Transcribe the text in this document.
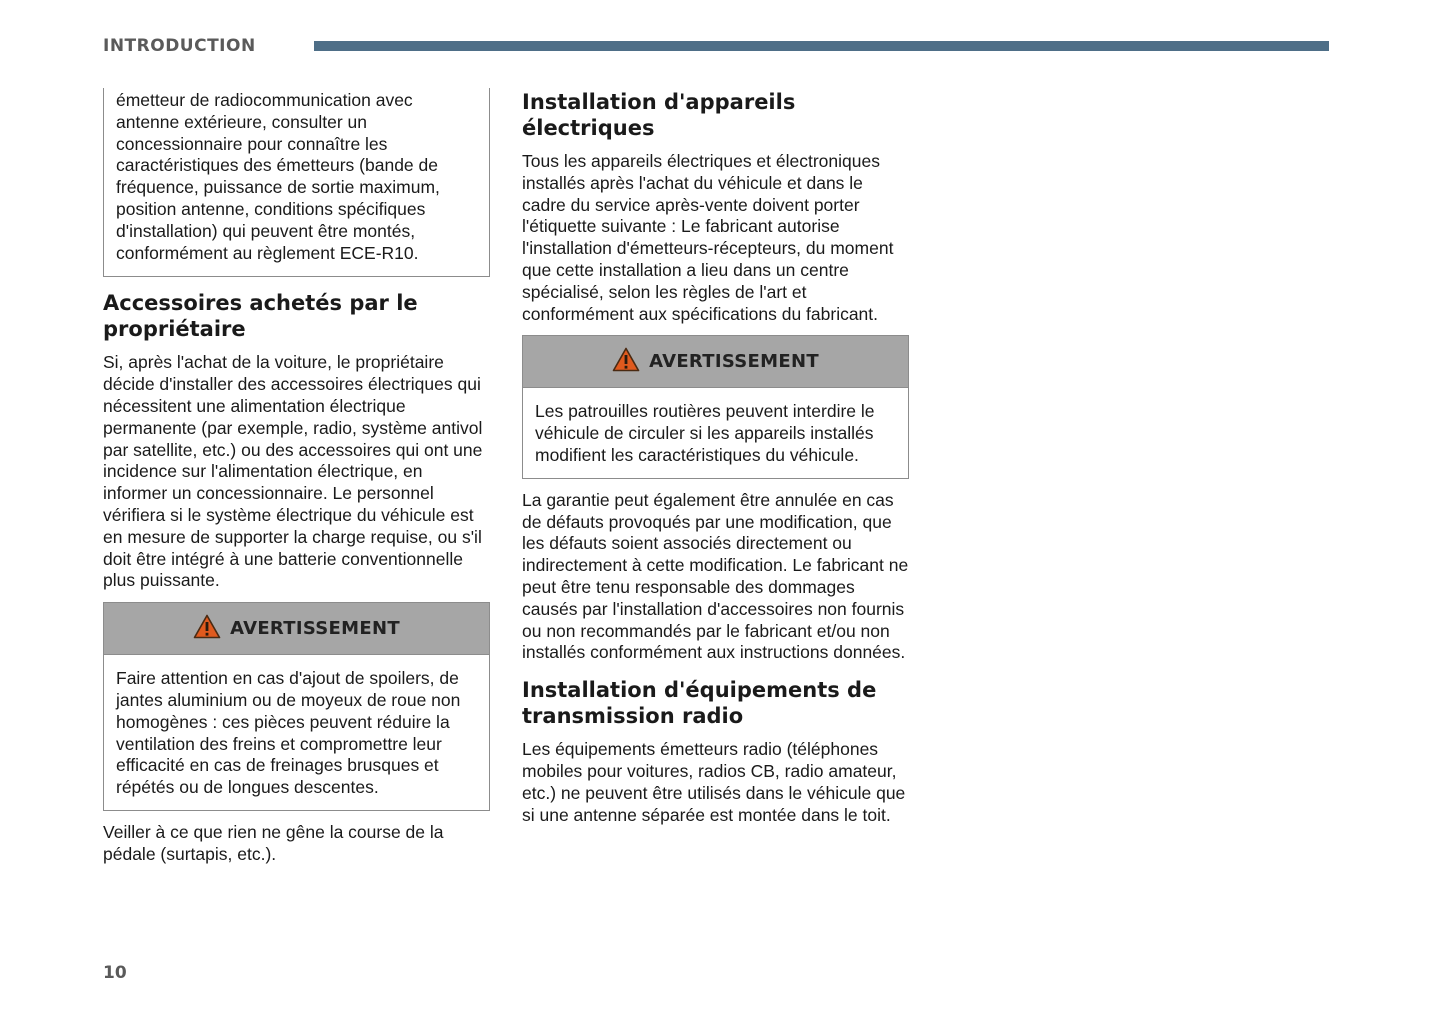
INTRODUCTION

émetteur de radiocommunication avec antenne extérieure, consulter un concessionnaire pour connaître les caractéristiques des émetteurs (bande de fréquence, puissance de sortie maximum, position antenne, conditions spécifiques d'installation) qui peuvent être montés, conformément au règlement ECE-R10.

Accessoires achetés par le propriétaire

Si, après l'achat de la voiture, le propriétaire décide d'installer des accessoires électriques qui nécessitent une alimentation électrique permanente (par exemple, radio, système antivol par satellite, etc.) ou des accessoires qui ont une incidence sur l'alimentation électrique, en informer un concessionnaire. Le personnel vérifiera si le système électrique du véhicule est en mesure de supporter la charge requise, ou s'il doit être intégré à une batterie conventionnelle plus puissante.

AVERTISSEMENT

Faire attention en cas d'ajout de spoilers, de jantes aluminium ou de moyeux de roue non homogènes : ces pièces peuvent réduire la ventilation des freins et compromettre leur efficacité en cas de freinages brusques et répétés ou de longues descentes.

Veiller à ce que rien ne gêne la course de la pédale (surtapis, etc.).

Installation d'appareils électriques

Tous les appareils électriques et électroniques installés après l'achat du véhicule et dans le cadre du service après-vente doivent porter l'étiquette suivante : Le fabricant autorise l'installation d'émetteurs-récepteurs, du moment que cette installation a lieu dans un centre spécialisé, selon les règles de l'art et conformément aux spécifications du fabricant.

AVERTISSEMENT

Les patrouilles routières peuvent interdire le véhicule de circuler si les appareils installés modifient les caractéristiques du véhicule.

La garantie peut également être annulée en cas de défauts provoqués par une modification, que les défauts soient associés directement ou indirectement à cette modification. Le fabricant ne peut être tenu responsable des dommages causés par l'installation d'accessoires non fournis ou non recommandés par le fabricant et/ou non installés conformément aux instructions données.

Installation d'équipements de transmission radio

Les équipements émetteurs radio (téléphones mobiles pour voitures, radios CB, radio amateur, etc.) ne peuvent être utilisés dans le véhicule que si une antenne séparée est montée dans le toit.

10
